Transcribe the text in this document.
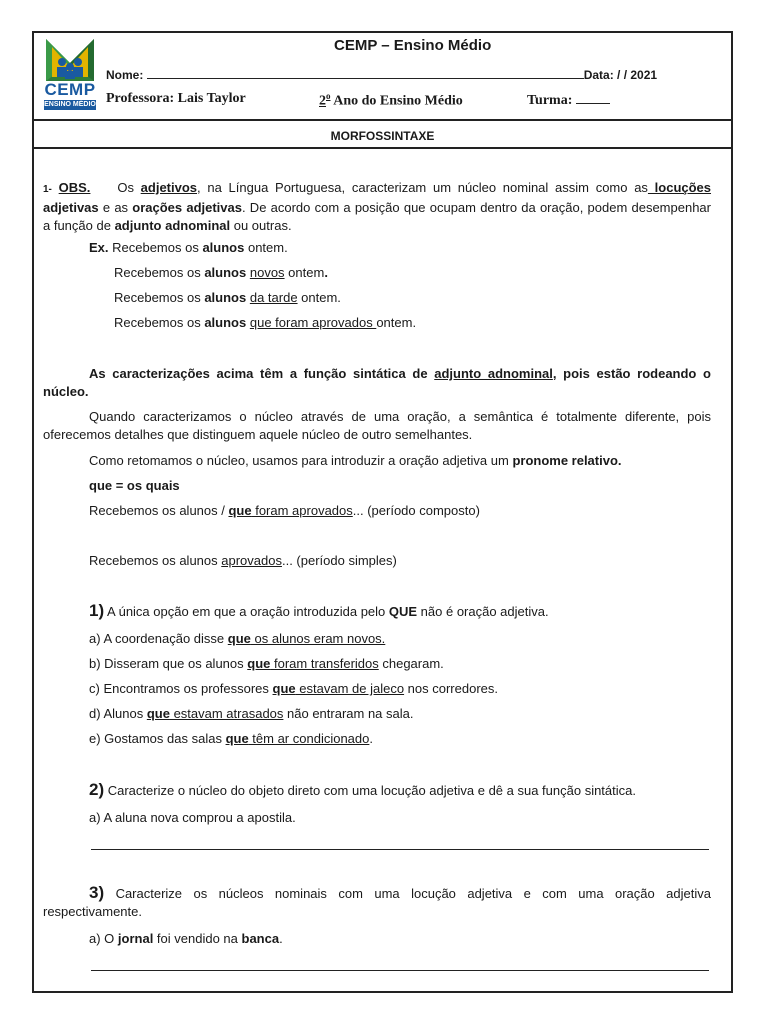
CEMP
ENSINO MÉDIO
CEMP – Ensino Médio
Nome:	Data: / / 2021
Professora: Lais Taylor	2$^o$ Ano do Ensino Médio	Turma:
MORFOSSINTAXE

1- OBS. Os adjetivos, na Língua Portuguesa, caracterizam um núcleo nominal assim como as locuções adjetivas e as orações adjetivas. De acordo com a posição que ocupam dentro da oração, podem desempenhar a função de adjunto adnominal ou outras.

Ex. Recebemos os alunos ontem.

Recebemos os alunos novos ontem.

Recebemos os alunos da tarde ontem.

Recebemos os alunos que foram aprovados ontem.

As caracterizações acima têm a função sintática de adjunto adnominal, pois estão rodeando o núcleo.

Quando caracterizamos o núcleo através de uma oração, a semântica é totalmente diferente, pois oferecemos detalhes que distinguem aquele núcleo de outro semelhantes.

Como retomamos o núcleo, usamos para introduzir a oração adjetiva um pronome relativo.

que = os quais

Recebemos os alunos / que foram aprovados... (período composto)

Recebemos os alunos aprovados... (período simples)

1) A única opção em que a oração introduzida pelo QUE não é oração adjetiva.

a) A coordenação disse que os alunos eram novos.

b) Disseram que os alunos que foram transferidos chegaram.

c) Encontramos os professores que estavam de jaleco nos corredores.

d) Alunos que estavam atrasados não entraram na sala.

e) Gostamos das salas que têm ar condicionado.

2) Caracterize o núcleo do objeto direto com uma locução adjetiva e dê a sua função sintática.

a) A aluna nova comprou a apostila.

3) Caracterize os núcleos nominais com uma locução adjetiva e com uma oração adjetiva respectivamente.

a) O jornal foi vendido na banca.
